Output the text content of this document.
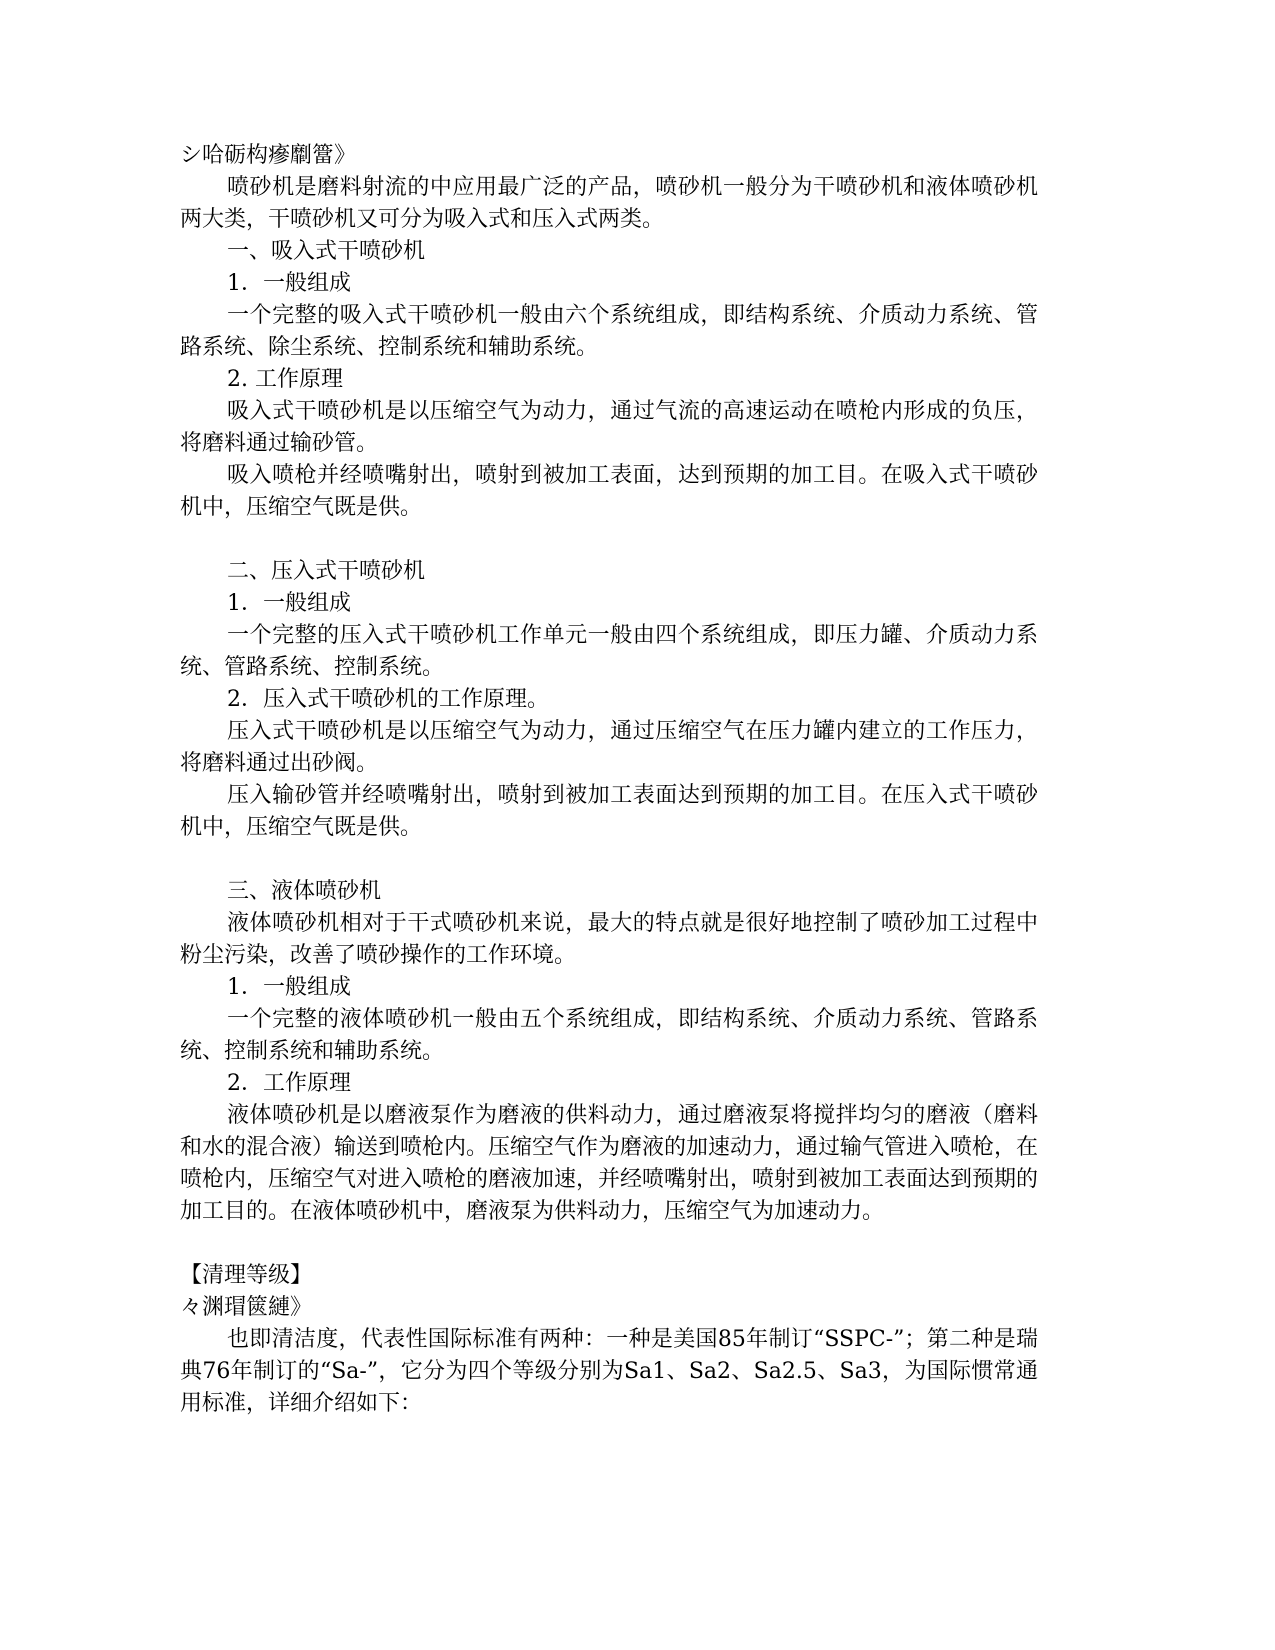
シ哈砺构瘮劘簹》
喷砂机是磨料射流的中应用最广泛的产品，喷砂机一般分为干喷砂机和液体喷砂机两大类，干喷砂机又可分为吸入式和压入式两类。
一、吸入式干喷砂机
1．一般组成
一个完整的吸入式干喷砂机一般由六个系统组成，即结构系统、介质动力系统、管路系统、除尘系统、控制系统和辅助系统。
2. 工作原理
吸入式干喷砂机是以压缩空气为动力，通过气流的高速运动在喷枪内形成的负压，将磨料通过输砂管。
吸入喷枪并经喷嘴射出，喷射到被加工表面，达到预期的加工目。在吸入式干喷砂机中，压缩空气既是供。
二、压入式干喷砂机
1．一般组成
一个完整的压入式干喷砂机工作单元一般由四个系统组成，即压力罐、介质动力系统、管路系统、控制系统。
2．压入式干喷砂机的工作原理。
压入式干喷砂机是以压缩空气为动力，通过压缩空气在压力罐内建立的工作压力，将磨料通过出砂阀。
压入输砂管并经喷嘴射出，喷射到被加工表面达到预期的加工目。在压入式干喷砂机中，压缩空气既是供。
三、液体喷砂机
液体喷砂机相对于干式喷砂机来说，最大的特点就是很好地控制了喷砂加工过程中粉尘污染，改善了喷砂操作的工作环境。
1．一般组成
一个完整的液体喷砂机一般由五个系统组成，即结构系统、介质动力系统、管路系统、控制系统和辅助系统。
2．工作原理
液体喷砂机是以磨液泵作为磨液的供料动力，通过磨液泵将搅拌均匀的磨液（磨料和水的混合液）输送到喷枪内。压缩空气作为磨液的加速动力，通过输气管进入喷枪，在喷枪内，压缩空气对进入喷枪的磨液加速，并经喷嘴射出，喷射到被加工表面达到预期的加工目的。在液体喷砂机中，磨液泵为供料动力，压缩空气为加速动力。
【清理等级】
々渊瑁篋縺》
也即清洁度，代表性国际标准有两种：一种是美国85年制订“SSPC-”；第二种是瑞典76年制订的“Sa-”，它分为四个等级分别为Sa1、Sa2、Sa2.5、Sa3，为国际惯常通用标准，详细介绍如下：
